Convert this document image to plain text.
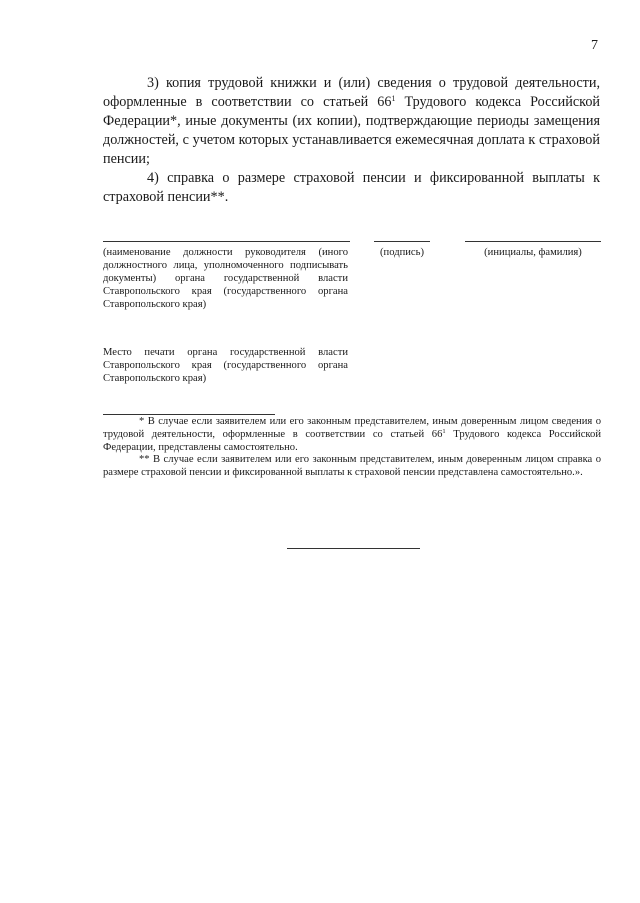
7

3) копия трудовой книжки и (или) сведения о трудовой деятельности, оформленные в соответствии со статьей $66^1$ Трудового кодекса Российской Федерации*, иные документы (их копии), подтверждающие периоды замещения должностей, с учетом которых устанавливается ежемесячная доплата к страховой пенсии;

4) справка о размере страховой пенсии и фиксированной выплаты к страховой пенсии**.

(наименование должности руководителя (иного должностного лица, уполномоченного подписывать документы) органа государственной власти Ставропольского края (государственного органа Ставропольского края)
(подпись)	(инициалы, фамилия)
Место печати органа государственной власти Ставропольского края (государственного органа Ставропольского края)

* В случае если заявителем или его законным представителем, иным доверенным лицом сведения о трудовой деятельности, оформленные в соответствии со статьей $66^1$ Трудового кодекса Российской Федерации, представлены самостоятельно.

** В случае если заявителем или его законным представителем, иным доверенным лицом справка о размере страховой пенсии и фиксированной выплаты к страховой пенсии представлена самостоятельно.».
